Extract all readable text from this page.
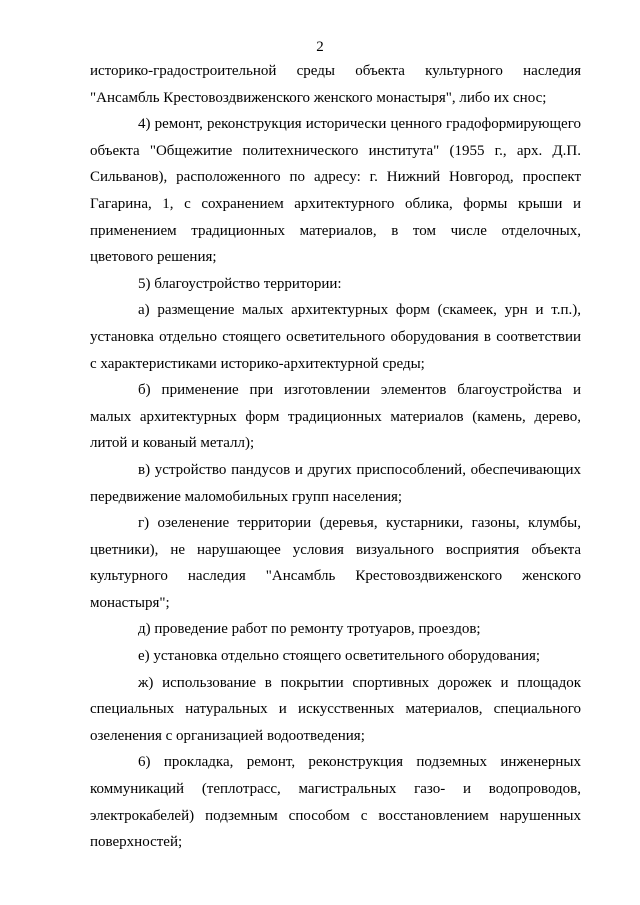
2

историко-градостроительной среды объекта культурного наследия "Ансамбль Крестовоздвиженского женского монастыря", либо их снос;

4) ремонт, реконструкция исторически ценного градоформирующего объекта "Общежитие политехнического института" (1955 г., арх. Д.П. Сильванов), расположенного по адресу: г. Нижний Новгород, проспект Гагарина, 1, с сохранением архитектурного облика, формы крыши и применением традиционных материалов, в том числе отделочных, цветового решения;

5) благоустройство территории:

а) размещение малых архитектурных форм (скамеек, урн и т.п.), установка отдельно стоящего осветительного оборудования в соответствии с характеристиками историко-архитектурной среды;

б) применение при изготовлении элементов благоустройства и малых архитектурных форм традиционных материалов (камень, дерево, литой и кованый металл);

в) устройство пандусов и других приспособлений, обеспечивающих передвижение маломобильных групп населения;

г) озеленение территории (деревья, кустарники, газоны, клумбы, цветники), не нарушающее условия визуального восприятия объекта культурного наследия "Ансамбль Крестовоздвиженского женского монастыря";

д) проведение работ по ремонту тротуаров, проездов;

е) установка отдельно стоящего осветительного оборудования;

ж) использование в покрытии спортивных дорожек и площадок специальных натуральных и искусственных материалов, специального озеленения с организацией водоотведения;

6) прокладка, ремонт, реконструкция подземных инженерных коммуникаций (теплотрасс, магистральных газо- и водопроводов, электрокабелей) подземным способом с восстановлением нарушенных поверхностей;
